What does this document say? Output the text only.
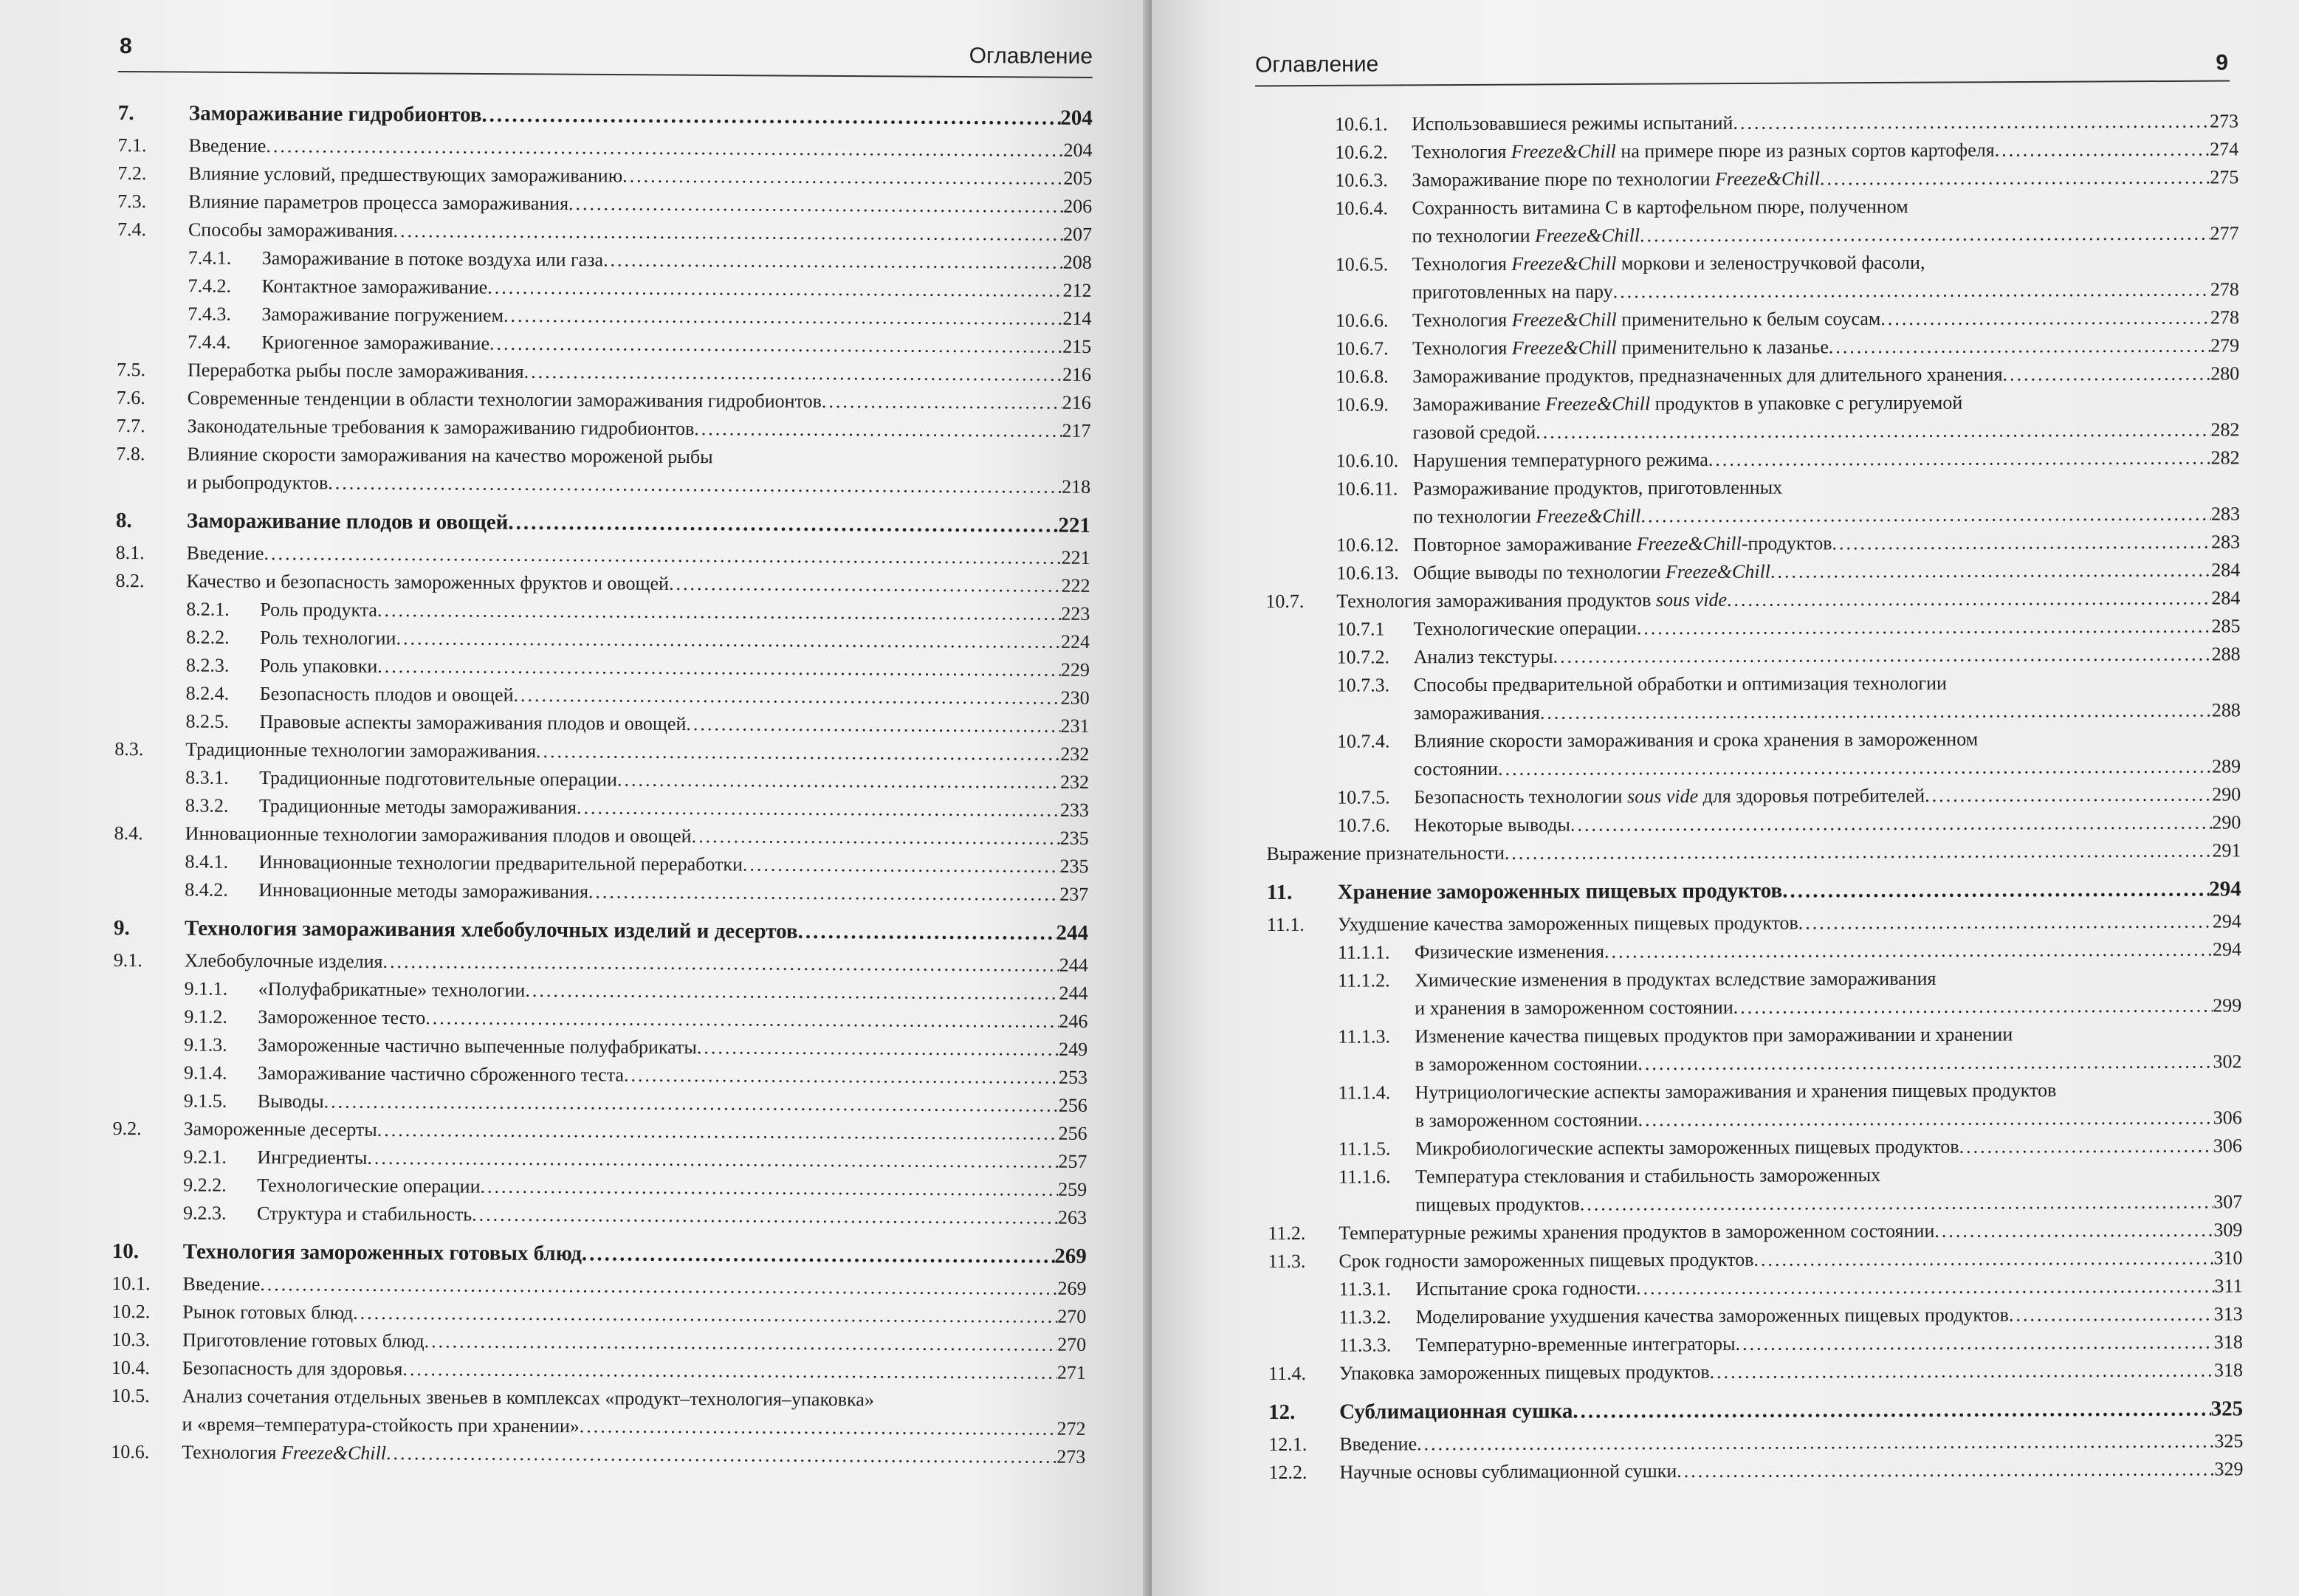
8	Оглавление
7.	Замораживание гидробионтов .....	204
7.1.	Введение .....	204
7.2.	Влияние условий, предшествующих замораживанию .....	205
7.3.	Влияние параметров процесса замораживания .....	206
7.4.	Способы замораживания .....	207
7.4.1.	Замораживание в потоке воздуха или газа .....	208
7.4.2.	Контактное замораживание .....	212
7.4.3.	Замораживание погружением .....	214
7.4.4.	Криогенное замораживание .....	215
7.5.	Переработка рыбы после замораживания .....	216
7.6.	Современные тенденции в области технологии замораживания гидробионтов .....	216
7.7.	Законодательные требования к замораживанию гидробионтов .....	217
7.8.	Влияние скорости замораживания на качество мороженой рыбы
и рыбопродуктов .....	218
8.	Замораживание плодов и овощей .....	221
8.1.	Введение .....	221
8.2.	Качество и безопасность замороженных фруктов и овощей .....	222
8.2.1.	Роль продукта .....	223
8.2.2.	Роль технологии .....	224
8.2.3.	Роль упаковки .....	229
8.2.4.	Безопасность плодов и овощей .....	230
8.2.5.	Правовые аспекты замораживания плодов и овощей .....	231
8.3.	Традиционные технологии замораживания .....	232
8.3.1.	Традиционные подготовительные операции .....	232
8.3.2.	Традиционные методы замораживания .....	233
8.4.	Инновационные технологии замораживания плодов и овощей .....	235
8.4.1.	Инновационные технологии предварительной переработки .....	235
8.4.2.	Инновационные методы замораживания .....	237
9.	Технология замораживания хлебобулочных изделий и десертов .....	244
9.1.	Хлебобулочные изделия .....	244
9.1.1.	«Полуфабрикатные» технологии .....	244
9.1.2.	Замороженное тесто .....	246
9.1.3.	Замороженные частично выпеченные полуфабрикаты .....	249
9.1.4.	Замораживание частично сброженного теста .....	253
9.1.5.	Выводы .....	256
9.2.	Замороженные десерты .....	256
9.2.1.	Ингредиенты .....	257
9.2.2.	Технологические операции .....	259
9.2.3.	Структура и стабильность .....	263
10.	Технология замороженных готовых блюд .....	269
10.1.	Введение .....	269
10.2.	Рынок готовых блюд .....	270
10.3.	Приготовление готовых блюд .....	270
10.4.	Безопасность для здоровья .....	271
10.5.	Анализ сочетания отдельных звеньев в комплексах «продукт–технология–упаковка»
и «время–температура-стойкость при хранении» .....	272
10.6.	Технология Freeze&Chill .....	273
Оглавление	9
10.6.1.	Использовавшиеся режимы испытаний .....	273
10.6.2.	Технология Freeze&Chill на примере пюре из разных сортов картофеля .....	274
10.6.3.	Замораживание пюре по технологии Freeze&Chill .....	275
10.6.4.	Сохранность витамина С в картофельном пюре, полученном
по технологии Freeze&Chill .....	277
10.6.5.	Технология Freeze&Chill моркови и зеленостручковой фасоли,
приготовленных на пару .....	278
10.6.6.	Технология Freeze&Chill применительно к белым соусам .....	278
10.6.7.	Технология Freeze&Chill применительно к лазанье .....	279
10.6.8.	Замораживание продуктов, предназначенных для длительного хранения .....	280
10.6.9.	Замораживание Freeze&Chill продуктов в упаковке с регулируемой
газовой средой .....	282
10.6.10. Нарушения температурного режима .....	282
10.6.11. Размораживание продуктов, приготовленных
по технологии Freeze&Chill .....	283
10.6.12. Повторное замораживание Freeze&Chill-продуктов .....	283
10.6.13. Общие выводы по технологии Freeze&Chill .....	284
10.7.	Технология замораживания продуктов sous vide .....	284
10.7.1	Технологические операции .....	285
10.7.2.	Анализ текстуры .....	288
10.7.3.	Способы предварительной обработки и оптимизация технологии
замораживания .....	288
10.7.4.	Влияние скорости замораживания и срока хранения в замороженном
состоянии .....	289
10.7.5.	Безопасность технологии sous vide для здоровья потребителей .....	290
10.7.6.	Некоторые выводы .....	290
Выражение признательности .....	291
11.	Хранение замороженных пищевых продуктов .....	294
11.1.	Ухудшение качества замороженных пищевых продуктов .....	294
11.1.1.	Физические изменения .....	294
11.1.2.	Химические изменения в продуктах вследствие замораживания
и хранения в замороженном состоянии .....	299
11.1.3.	Изменение качества пищевых продуктов при замораживании и хранении
в замороженном состоянии .....	302
11.1.4.	Нутрициологические аспекты замораживания и хранения пищевых продуктов
в замороженном состоянии .....	306
11.1.5.	Микробиологические аспекты замороженных пищевых продуктов .....	306
11.1.6.	Температура стеклования и стабильность замороженных
пищевых продуктов .....	307
11.2.	Температурные режимы хранения продуктов в замороженном состоянии .....	309
11.3.	Срок годности замороженных пищевых продуктов .....	310
11.3.1.	Испытание срока годности .....	311
11.3.2.	Моделирование ухудшения качества замороженных пищевых продуктов .....	313
11.3.3.	Температурно-временные интеграторы .....	318
11.4.	Упаковка замороженных пищевых продуктов .....	318
12.	Сублимационная сушка .....	325
12.1.	Введение .....	325
12.2.	Научные основы сублимационной сушки .....	329
